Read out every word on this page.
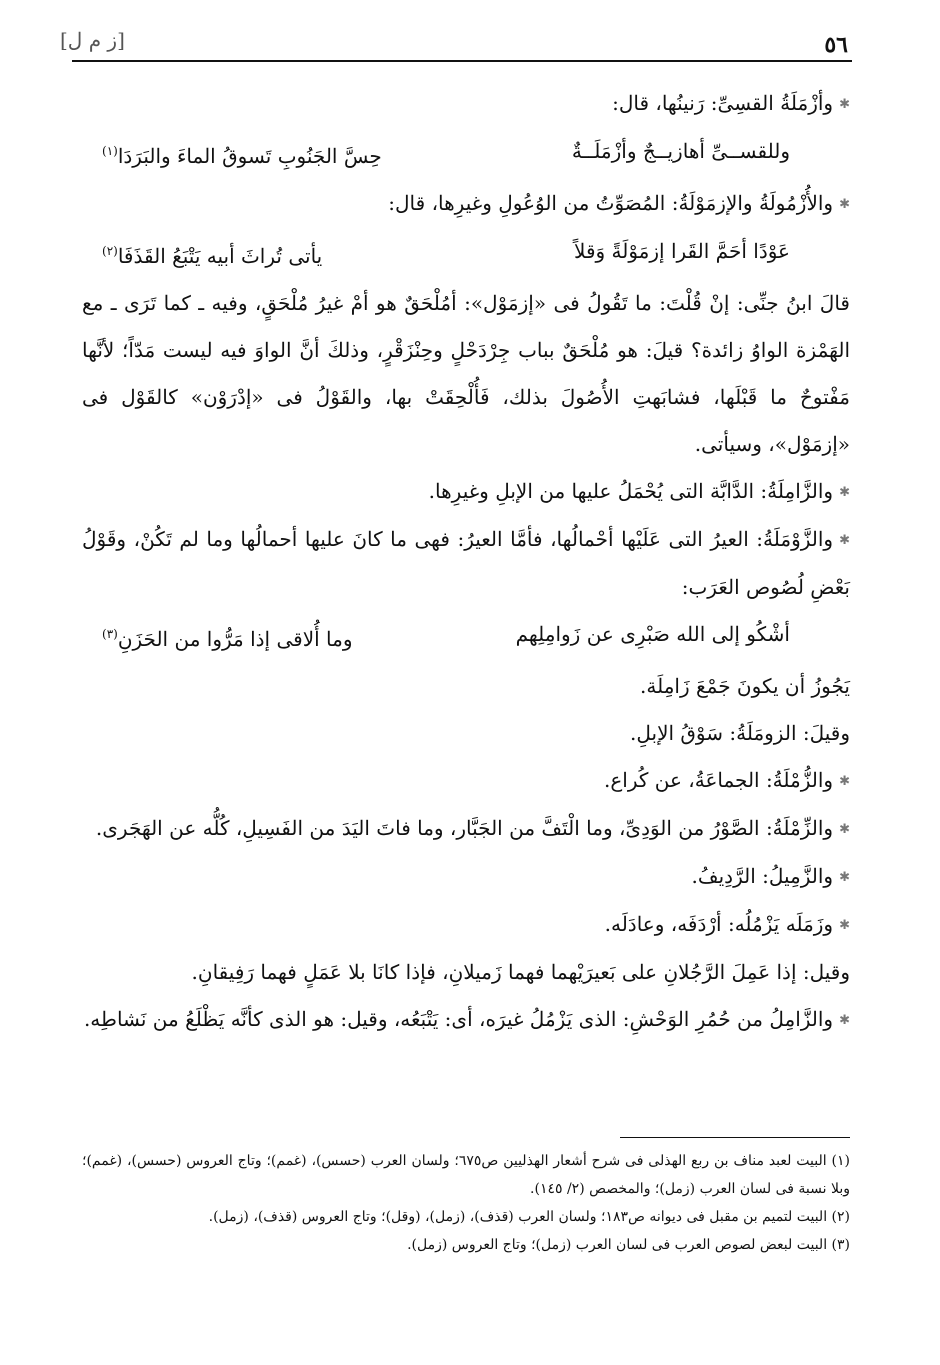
[ز م ل]	٥٦

✱ وأزْمَلَةُ القسِىِّ: رَنينُها، قال:

وللقســىِّ أهازيــجٌ وأزْمَلَــةٌ
حِسَّ الجَنُوبِ تَسوقُ الماءَ والبَرَدَا$^{(١)}$

✱ والأُزْمُولَةُ والإزمَوْلَةُ: المُصَوِّتُ من الوُعُولِ وغيرِها، قال:

عَوْدًا أحَمَّ القَرا إزمَوْلَةً وَقلاً
يأتى تُراثَ أبيه يَتْبَعُ القَذَفَا$^{(٢)}$

قالَ ابنُ جنِّى: إنْ قُلْتَ: ما تَقُولُ فى «إزمَوْل»: أمُلْحَقٌ هو أمْ غيرُ مُلْحَقٍ، وفيه ـ كما تَرَى ـ مع الهَمْزة الواوُ زائدة؟ قيلَ: هو مُلْحَقٌ بباب جِرْدَحْلٍ وحِنْزَقْرٍ، وذلكَ أنَّ الواوَ فيه ليست مَدّاً؛ لأنَّها مَفْتوحٌ ما قَبْلَها، فشابَهتِ الأُصُولَ بذلك، فَأُلْحِقَتْ بها، والقَوْلُ فى «إدْرَوْن» كالقَوْل فى «إزمَوْل»، وسيأتى.

✱ والزَّامِلَةُ: الدَّابَّة التى يُحْمَلُ عليها من الإبلِ وغيرِها.

✱ والزَّوْمَلَةُ: العيرُ التى عَلَيْها أحْمالُها، فأمَّا العيرُ: فهى ما كانَ عليها أحمالُها وما لم تَكُنْ، وقَوْلُ بَعْضِ لُصُوص العَرَب:

أشْكُو إلى الله صَبْرِى عن زَوامِلِهم
وما أُلاقى إذا مَرُّوا من الحَزَنِ$^{(٣)}$

يَجُوزُ أن يكونَ جَمْعَ زَامِلَة.

وقيلَ: الزومَلَةُ: سَوْقُ الإبلِ.

✱ والزُّمْلَةُ: الجماعَةُ، عن كُراع.

✱ والزِّمْلَةُ: الصَّوْرُ من الوَدِىِّ، وما الْتَفَّ من الجَبَّار، وما فاتَ اليَدَ من الفَسِيلِ، كُلُّه عن الهَجَرى.

✱ والزَّمِيلُ: الرَّدِيفُ.

✱ وزَمَلَه يَزْمُلُه: أرْدَفَه، وعادَلَه.

وقيل: إذا عَمِلَ الرَّجُلانِ على بَعيرَيْهما فهما زَميلانِ، فإذا كانَا بلا عَمَلٍ فهما رَفِيقانِ.

✱ والزَّامِلُ من حُمُرِ الوَحْشِ: الذى يَزْمُلُ غيرَه، أى: يَتْبَعُه، وقيل: هو الذى كأنَّه يَظْلَعُ من نَشاطِه.

(١) البيت لعبد مناف بن ربع الهذلى فى شرح أشعار الهذليين ص٦٧٥؛ ولسان العرب (حسس)، (غمم)؛ وتاج العروس (حسس)، (غمم)؛ وبلا نسبة فى لسان العرب (زمل)؛ والمخصص (٢/ ١٤٥).

(٢) البيت لتميم بن مقبل فى ديوانه ص١٨٣؛ ولسان العرب (قذف)، (زمل)، (وقل)؛ وتاج العروس (قذف)، (زمل).

(٣) البيت لبعض لصوص العرب فى لسان العرب (زمل)؛ وتاج العروس (زمل).
